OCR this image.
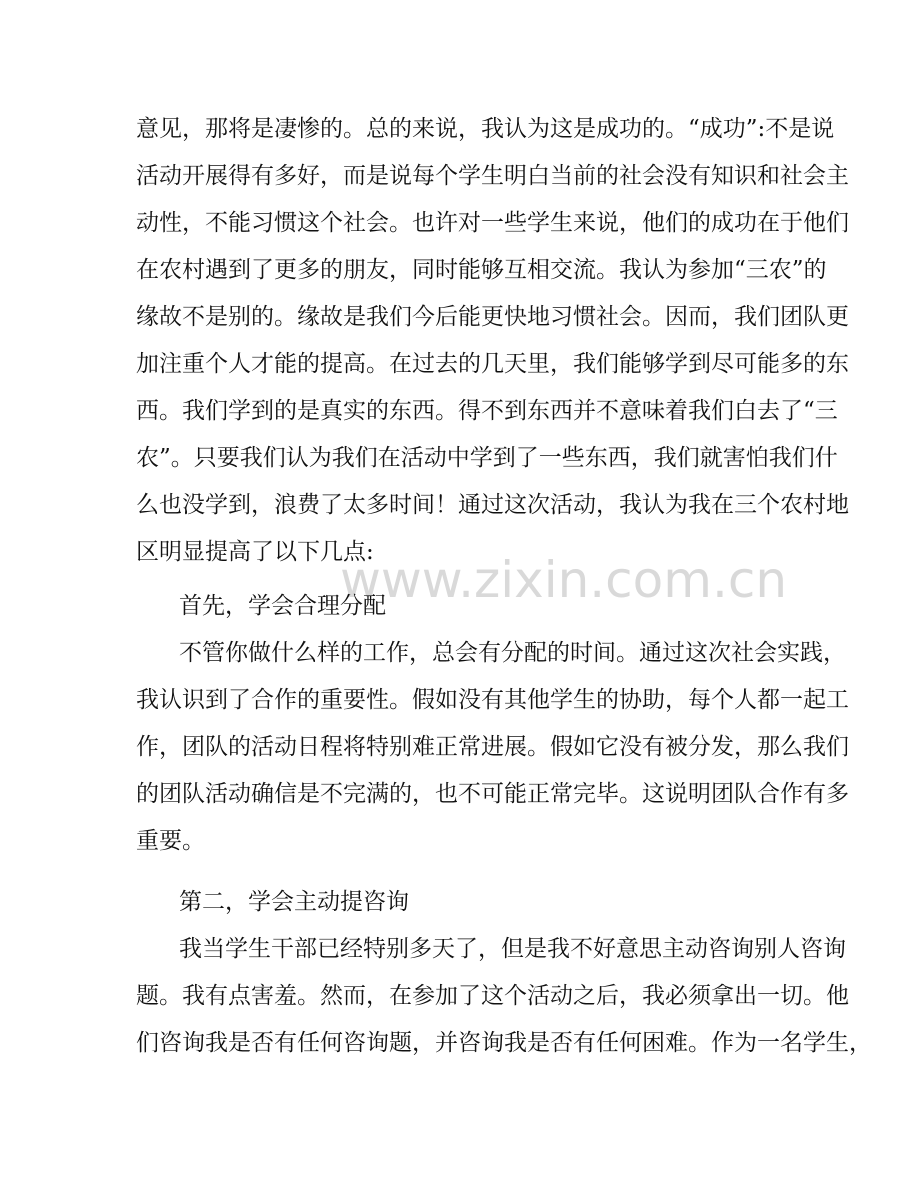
www.zixin.com.cn
意见，那将是凄惨的。总的来说，我认为这是成功的。“成功”:不是说
活动开展得有多好，而是说每个学生明白当前的社会没有知识和社会主
动性，不能习惯这个社会。也许对一些学生来说，他们的成功在于他们
在农村遇到了更多的朋友，同时能够互相交流。我认为参加“三农”的
缘故不是别的。缘故是我们今后能更快地习惯社会。因而，我们团队更
加注重个人才能的提高。在过去的几天里，我们能够学到尽可能多的东
西。我们学到的是真实的东西。得不到东西并不意味着我们白去了“三
农”。只要我们认为我们在活动中学到了一些东西，我们就害怕我们什
么也没学到，浪费了太多时间！通过这次活动，我认为我在三个农村地
区明显提高了以下几点:
首先，学会合理分配
不管你做什么样的工作，总会有分配的时间。通过这次社会实践，
我认识到了合作的重要性。假如没有其他学生的协助，每个人都一起工
作，团队的活动日程将特别难正常进展。假如它没有被分发，那么我们
的团队活动确信是不完满的，也不可能正常完毕。这说明团队合作有多
重要。
第二，学会主动提咨询
我当学生干部已经特别多天了，但是我不好意思主动咨询别人咨询
题。我有点害羞。然而，在参加了这个活动之后，我必须拿出一切。他
们咨询我是否有任何咨询题，并咨询我是否有任何困难。作为一名学生，
